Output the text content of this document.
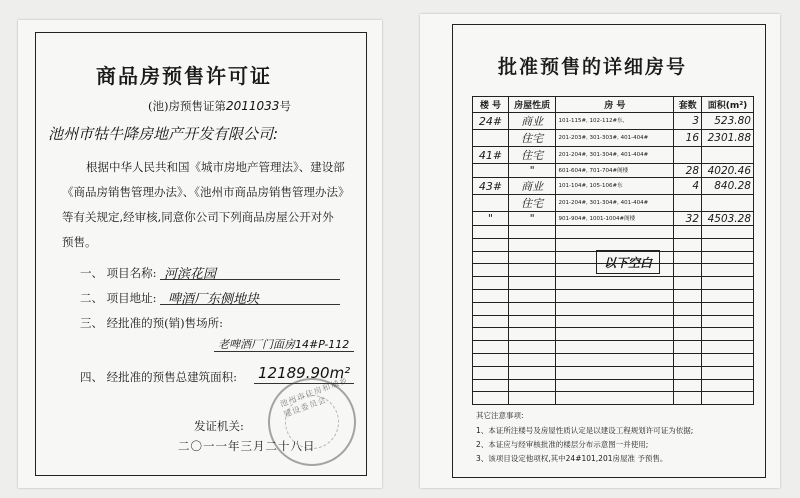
商品房预售许可证
(池)房预售证第2011033号
池州市牯牛降房地产开发有限公司:
根据中华人民共和国《城市房地产管理法》、建设部
《商品房销售管理办法》、《池州市商品房销售管理办法》
等有关规定,经审核,同意你公司下列商品房屋公开对外
预售。
一、 项目名称: 河滨花园
二、 项目地址: 啤酒厂东侧地块
三、 经批准的预(销)售场所:
老啤酒厂门面房14#P-112
四、 经批准的预售总建筑面积: 12189.90m²
池州市住房和城乡建设委员会
发证机关:
二〇一一年三月二十八日
批准预售的详细房号
楼 号	房屋性质	房 号	套数	面积(m²)
24#	商业	101-115#, 102-112#东,	3	523.80
	住宅	201-203#, 301-303#, 401-404#	16	2301.88
41#	住宅	201-204#, 301-304#, 401-404#		
	"	601-604#, 701-704#阁楼	28	4020.46
43#	商业	101-104#, 105-106#东	4	840.28
	住宅	201-204#, 301-304#, 401-404#		
"	"	901-904#, 1001-1004#阁楼	32	4503.28

以下空白
其它注意事项:
1、本证所注楼号及房屋性质认定是以建设工程规划许可证为依据;
2、本证应与经审核批准的楼层分布示意图一并使用;
3、该项目设定他项权,其中24#101,201房屋准 予预售。
